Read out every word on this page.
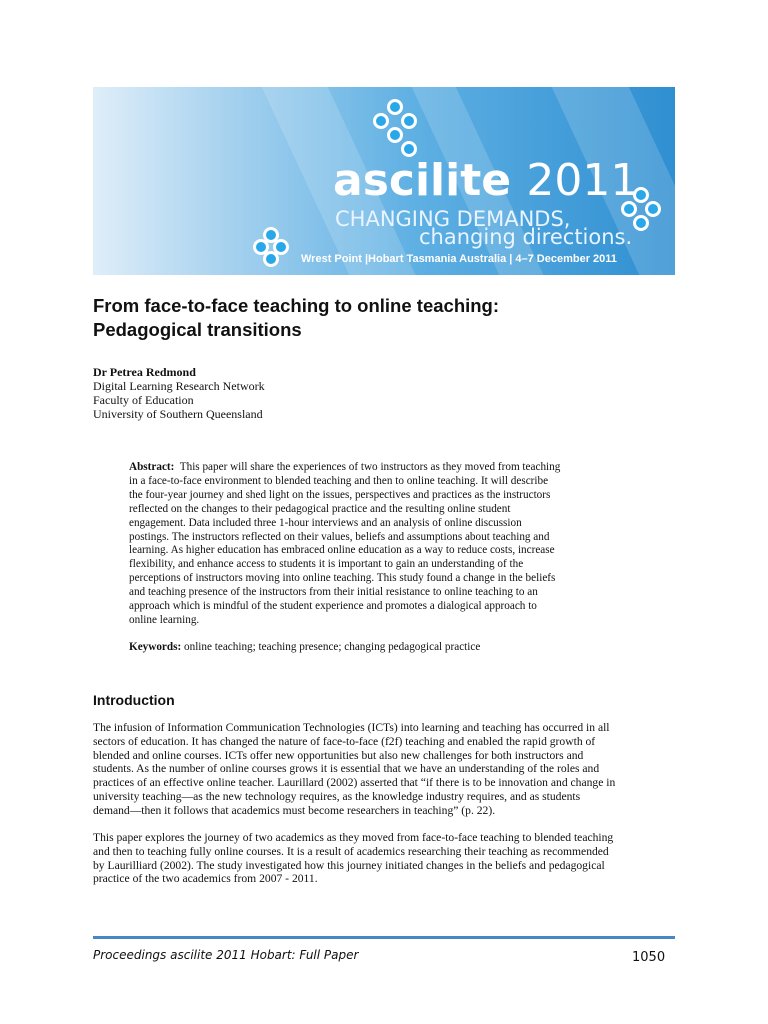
ascilite 2011
CHANGING DEMANDS,
changing directions.
Wrest Point |Hobart Tasmania Australia | 4–7 December 2011
From face-to-face teaching to online teaching:
Pedagogical transitions
Dr Petrea Redmond
Digital Learning Research Network
Faculty of Education
University of Southern Queensland
Abstract: This paper will share the experiences of two instructors as they moved from teaching
in a face-to-face environment to blended teaching and then to online teaching. It will describe
the four-year journey and shed light on the issues, perspectives and practices as the instructors
reflected on the changes to their pedagogical practice and the resulting online student
engagement. Data included three 1-hour interviews and an analysis of online discussion
postings. The instructors reflected on their values, beliefs and assumptions about teaching and
learning. As higher education has embraced online education as a way to reduce costs, increase
flexibility, and enhance access to students it is important to gain an understanding of the
perceptions of instructors moving into online teaching. This study found a change in the beliefs
and teaching presence of the instructors from their initial resistance to online teaching to an
approach which is mindful of the student experience and promotes a dialogical approach to
online learning.
Keywords: online teaching; teaching presence; changing pedagogical practice
Introduction
The infusion of Information Communication Technologies (ICTs) into learning and teaching has occurred in all
sectors of education. It has changed the nature of face-to-face (f2f) teaching and enabled the rapid growth of
blended and online courses. ICTs offer new opportunities but also new challenges for both instructors and
students. As the number of online courses grows it is essential that we have an understanding of the roles and
practices of an effective online teacher. Laurillard (2002) asserted that “if there is to be innovation and change in
university teaching—as the new technology requires, as the knowledge industry requires, and as students
demand—then it follows that academics must become researchers in teaching” (p. 22).
This paper explores the journey of two academics as they moved from face-to-face teaching to blended teaching
and then to teaching fully online courses. It is a result of academics researching their teaching as recommended
by Laurilliard (2002). The study investigated how this journey initiated changes in the beliefs and pedagogical
practice of the two academics from 2007 - 2011.
Proceedings ascilite 2011 Hobart: Full Paper	1050
